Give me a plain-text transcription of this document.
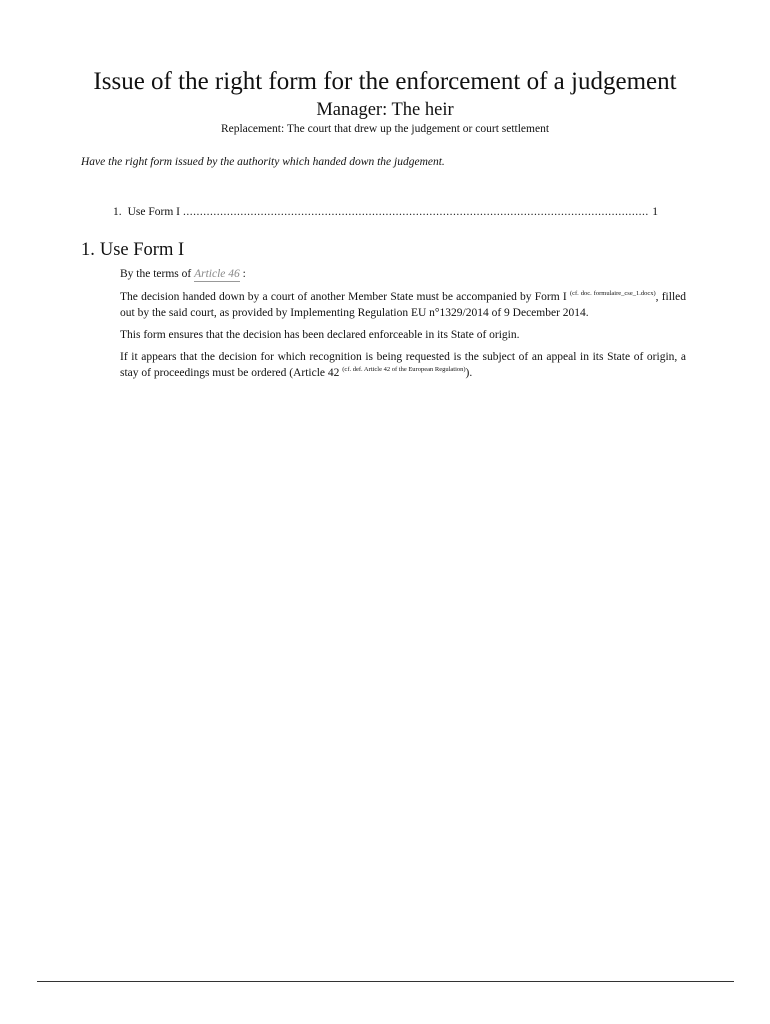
Issue of the right form for the enforcement of a judgement
Manager: The heir
Replacement: The court that drew up the judgement or court settlement
Have the right form issued by the authority which handed down the judgement.
1. Use Form I
.....	1
1. Use Form I

By the terms of Article 46 :

The decision handed down by a court of another Member State must be accompanied by Form I $^{(cf. doc. formulaire\_cse\_1.docx)}$, filled out by the said court, as provided by Implementing Regulation EU n°1329/2014 of 9 December 2014.

This form ensures that the decision has been declared enforceable in its State of origin.

If it appears that the decision for which recognition is being requested is the subject of an appeal in its State of origin, a stay of proceedings must be ordered (Article 42 $^{(cf. def. Article 42 of the European Regulation)}$).
